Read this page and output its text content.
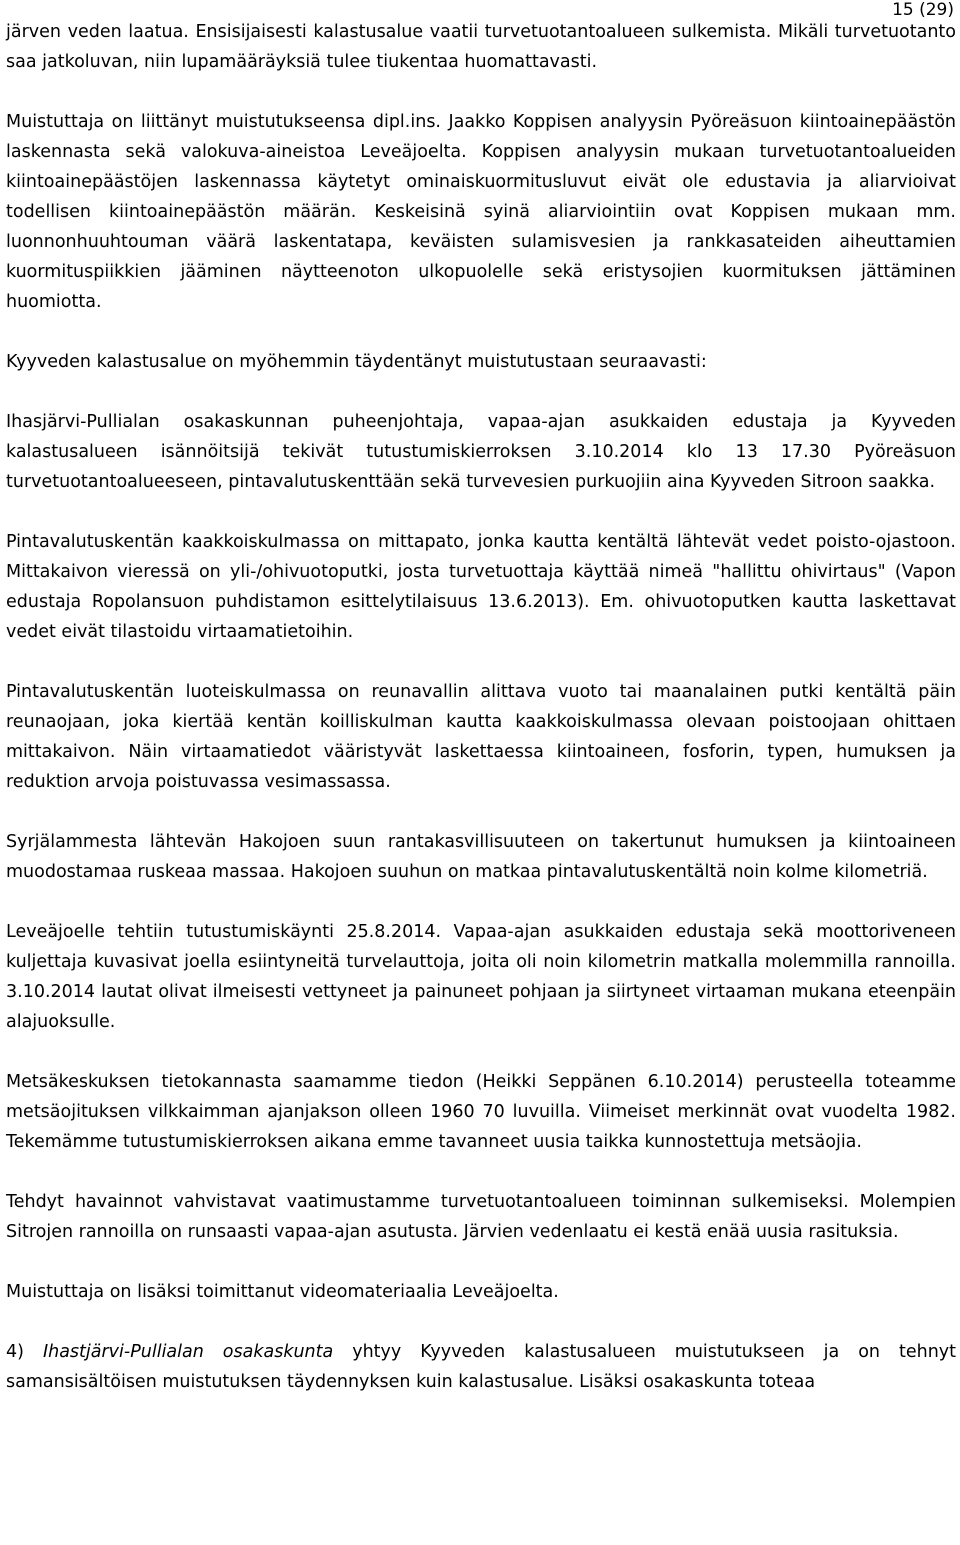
15 (29)

järven veden laatua. Ensisijaisesti kalastusalue vaatii turvetuotantoalueen sulkemista. Mikäli turvetuotanto saa jatkoluvan, niin lupamääräyksiä tulee tiukentaa huomattavasti.

Muistuttaja on liittänyt muistutukseensa dipl.ins. Jaakko Koppisen analyysin Pyöreäsuon kiintoainepäästön laskennasta sekä valokuva-aineistoa Leveäjoelta. Koppisen analyysin mukaan turvetuotantoalueiden kiintoainepäästöjen laskennassa käytetyt ominaiskuormitusluvut eivät ole edustavia ja aliarvioivat todellisen kiintoainepäästön määrän. Keskeisinä syinä aliarviointiin ovat Koppisen mukaan mm. luonnonhuuhtouman väärä laskentatapa, keväisten sulamisvesien ja rankkasateiden aiheuttamien kuormituspiikkien jääminen näytteenoton ulkopuolelle sekä eristysojien kuormituksen jättäminen huomiotta.

Kyyveden kalastusalue on myöhemmin täydentänyt muistutustaan seuraavasti:

Ihasjärvi-Pullialan osakaskunnan puheenjohtaja, vapaa-ajan asukkaiden edustaja ja Kyyveden kalastusalueen isännöitsijä tekivät tutustumiskierroksen 3.10.2014 klo 13 17.30 Pyöreäsuon turvetuotantoalueeseen, pintavalutuskenttään sekä turvevesien purkuojiin aina Kyyveden Sitroon saakka.

Pintavalutuskentän kaakkoiskulmassa on mittapato, jonka kautta kentältä lähtevät vedet poisto-ojastoon. Mittakaivon vieressä on yli-/ohivuotoputki, josta turvetuottaja käyttää nimeä "hallittu ohivirtaus" (Vapon edustaja Ropolansuon puhdistamon esittelytilaisuus 13.6.2013). Em. ohivuotoputken kautta laskettavat vedet eivät tilastoidu virtaamatietoihin.

Pintavalutuskentän luoteiskulmassa on reunavallin alittava vuoto tai maanalainen putki kentältä päin reunaojaan, joka kiertää kentän koilliskulman kautta kaakkoiskulmassa olevaan poistoojaan ohittaen mittakaivon. Näin virtaamatiedot vääristyvät laskettaessa kiintoaineen, fosforin, typen, humuksen ja reduktion arvoja poistuvassa vesimassassa.

Syrjälammesta lähtevän Hakojoen suun rantakasvillisuuteen on takertunut humuksen ja kiintoaineen muodostamaa ruskeaa massaa. Hakojoen suuhun on matkaa pintavalutuskentältä noin kolme kilometriä.

Leveäjoelle tehtiin tutustumiskäynti 25.8.2014. Vapaa-ajan asukkaiden edustaja sekä moottoriveneen kuljettaja kuvasivat joella esiintyneitä turvelauttoja, joita oli noin kilometrin matkalla molemmilla rannoilla. 3.10.2014 lautat olivat ilmeisesti vettyneet ja painuneet pohjaan ja siirtyneet virtaaman mukana eteenpäin alajuoksulle.

Metsäkeskuksen tietokannasta saamamme tiedon (Heikki Seppänen 6.10.2014) perusteella toteamme metsäojituksen vilkkaimman ajanjakson olleen 1960 70 luvuilla. Viimeiset merkinnät ovat vuodelta 1982. Tekemämme tutustumiskierroksen aikana emme tavanneet uusia taikka kunnostettuja metsäojia.

Tehdyt havainnot vahvistavat vaatimustamme turvetuotantoalueen toiminnan sulkemiseksi. Molempien Sitrojen rannoilla on runsaasti vapaa-ajan asutusta. Järvien vedenlaatu ei kestä enää uusia rasituksia.

Muistuttaja on lisäksi toimittanut videomateriaalia Leveäjoelta.

4) Ihastjärvi-Pullialan osakaskunta yhtyy Kyyveden kalastusalueen muistutukseen ja on tehnyt samansisältöisen muistutuksen täydennyksen kuin kalastusalue. Lisäksi osakaskunta toteaa
